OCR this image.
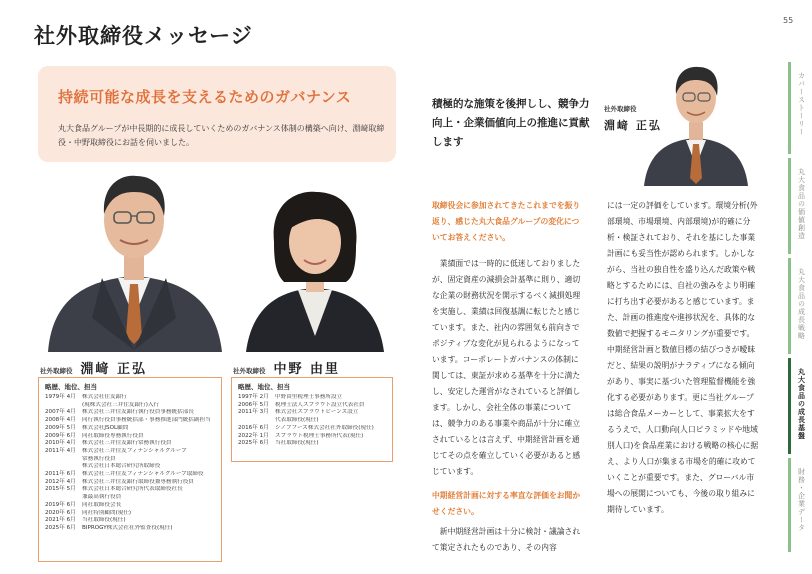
社外取締役メッセージ
55
カバーストーリー
丸大食品の価値創造
丸大食品の成長戦略
丸大食品の成長基盤
財務・企業データ
持続可能な成長を支えるためのガバナンス
丸大食品グループが中長期的に成長していくためのガバナンス体制の構築へ向け、淵﨑取締役・中野取締役にお話を伺いました。
社外取締役 淵﨑 正弘	社外取締役 中野 由里
略歴、地位、担当
1979年 4月	株式会社住友銀行
(現株式会社三井住友銀行)入行
2007年 4月	株式会社三井住友銀行執行役員事務統括部長
2008年 4月	同行執行役員事務統括部・事務推進部門統括副担当
2009年 5月	株式会社JSOL顧問
2009年 6月	同社取締役専務執行役員
2010年 4月	株式会社三井住友銀行常務執行役員
2011年 4月	株式会社三井住友フィナンシャルグループ
常務執行役員
株式会社日本総合研究所取締役
2011年 6月	株式会社三井住友フィナンシャルグループ取締役
2012年 4月	株式会社三井住友銀行取締役兼専務執行役員
2015年 5月	株式会社日本総合研究所代表取締役社長
兼最高執行役員
2019年 6月	同社取締役会長
2020年 6月	同社特別顧問(現任)
2021年 6月	当社取締役(現任)
2025年 6月	BIPROGY株式会社社外監査役(現任)
略歴、地位、担当
1997年 2月	中野由里税理士事務所設立
2006年 5月	税理士法人スプラウト設立代表社員
2011年 3月	株式会社スプラウトビーンズ設立
代表取締役(現任)
2016年 6月	シノブフーズ株式会社社外取締役(現任)
2022年 1月	スプラウト税理士事務所代表(現任)
2025年 6月	当社取締役(現任)
積極的な施策を後押しし、競争力向上・企業価値向上の推進に貢献します
社外取締役
淵﨑 正弘
取締役会に参加されてきたこれまでを振り返り、感じた丸大食品グループの変化についてお答えください。
業績面では一時的に低迷しておりましたが、固定資産の減損会計基準に則り、適切な企業の財務状況を開示するべく減損処理を実施し、業績は回復基調に転じたと感じています。また、社内の雰囲気も前向きでポジティブな変化が見られるようになっています。コーポレートガバナンスの体制に関しては、東証が求める基準を十分に満たし、安定した運営がなされていると評価します。しかし、会社全体の事業については、競争力のある事業や商品が十分に確立されているとは言えず、中期経営計画を通じてその点を確立していく必要があると感じています。
中期経営計画に対する率直な評価をお聞かせください。
新中期経営計画は十分に検討・議論されて策定されたものであり、その内容
には一定の評価をしています。環境分析(外部環境、市場環境、内部環境)が的確に分析・検証されており、それを基にした事業計画にも妥当性が認められます。しかしながら、当社の独自性を盛り込んだ政策や戦略とするためには、自社の強みをより明確に打ち出す必要があると感じています。また、計画の推進度や進捗状況を、具体的な数値で把握するモニタリングが重要です。中期経営計画と数値目標の結びつきが曖昧だと、結果の説明がナラティブになる傾向があり、事実に基づいた管理監督機能を強化する必要があります。更に当社グループは総合食品メーカーとして、事業拡大をするうえで、人口動向(人口ピラミッドや地域別人口)を食品産業における戦略の核心に据え、より人口が集まる市場を的確に攻めていくことが重要です。また、グローバル市場への展開についても、今後の取り組みに期待しています。
